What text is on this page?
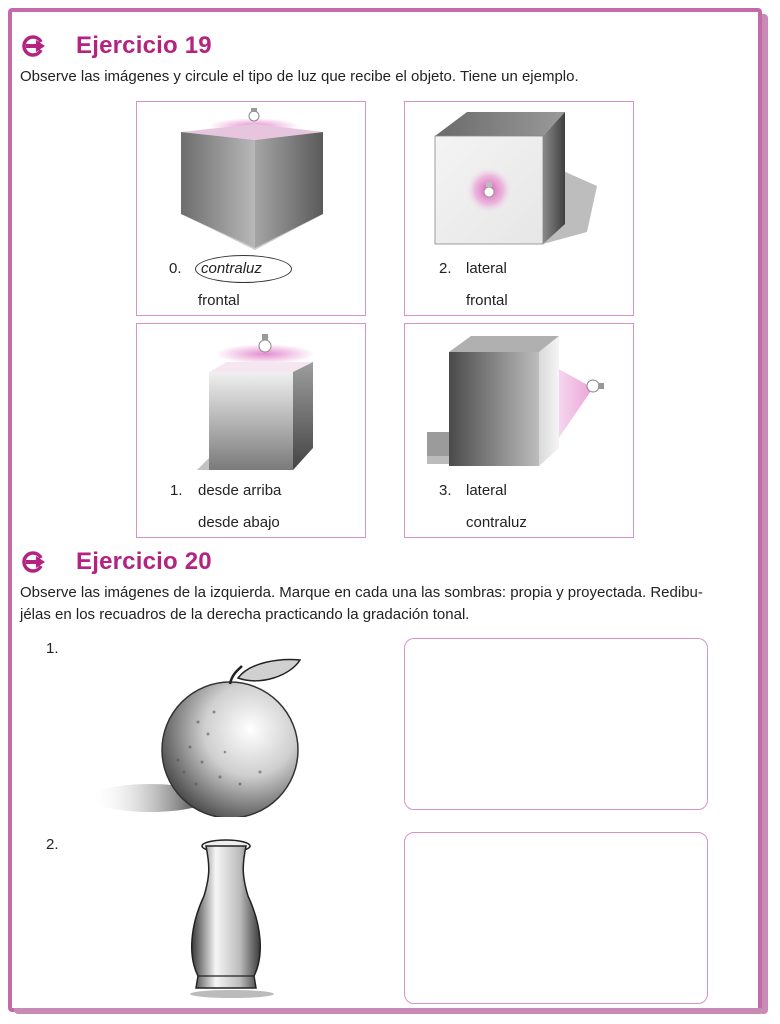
Ejercicio 19
Observe las imágenes y circule el tipo de luz que recibe el objeto. Tiene un ejemplo.
0. contraluz
frontal
2. lateral
frontal
1. desde arriba
desde abajo
3. lateral
contraluz
Ejercicio 20
Observe las imágenes de la izquierda. Marque en cada una las sombras: propia y proyectada. Redibu-
jélas en los recuadros de la derecha practicando la gradación tonal.
1.
2.
